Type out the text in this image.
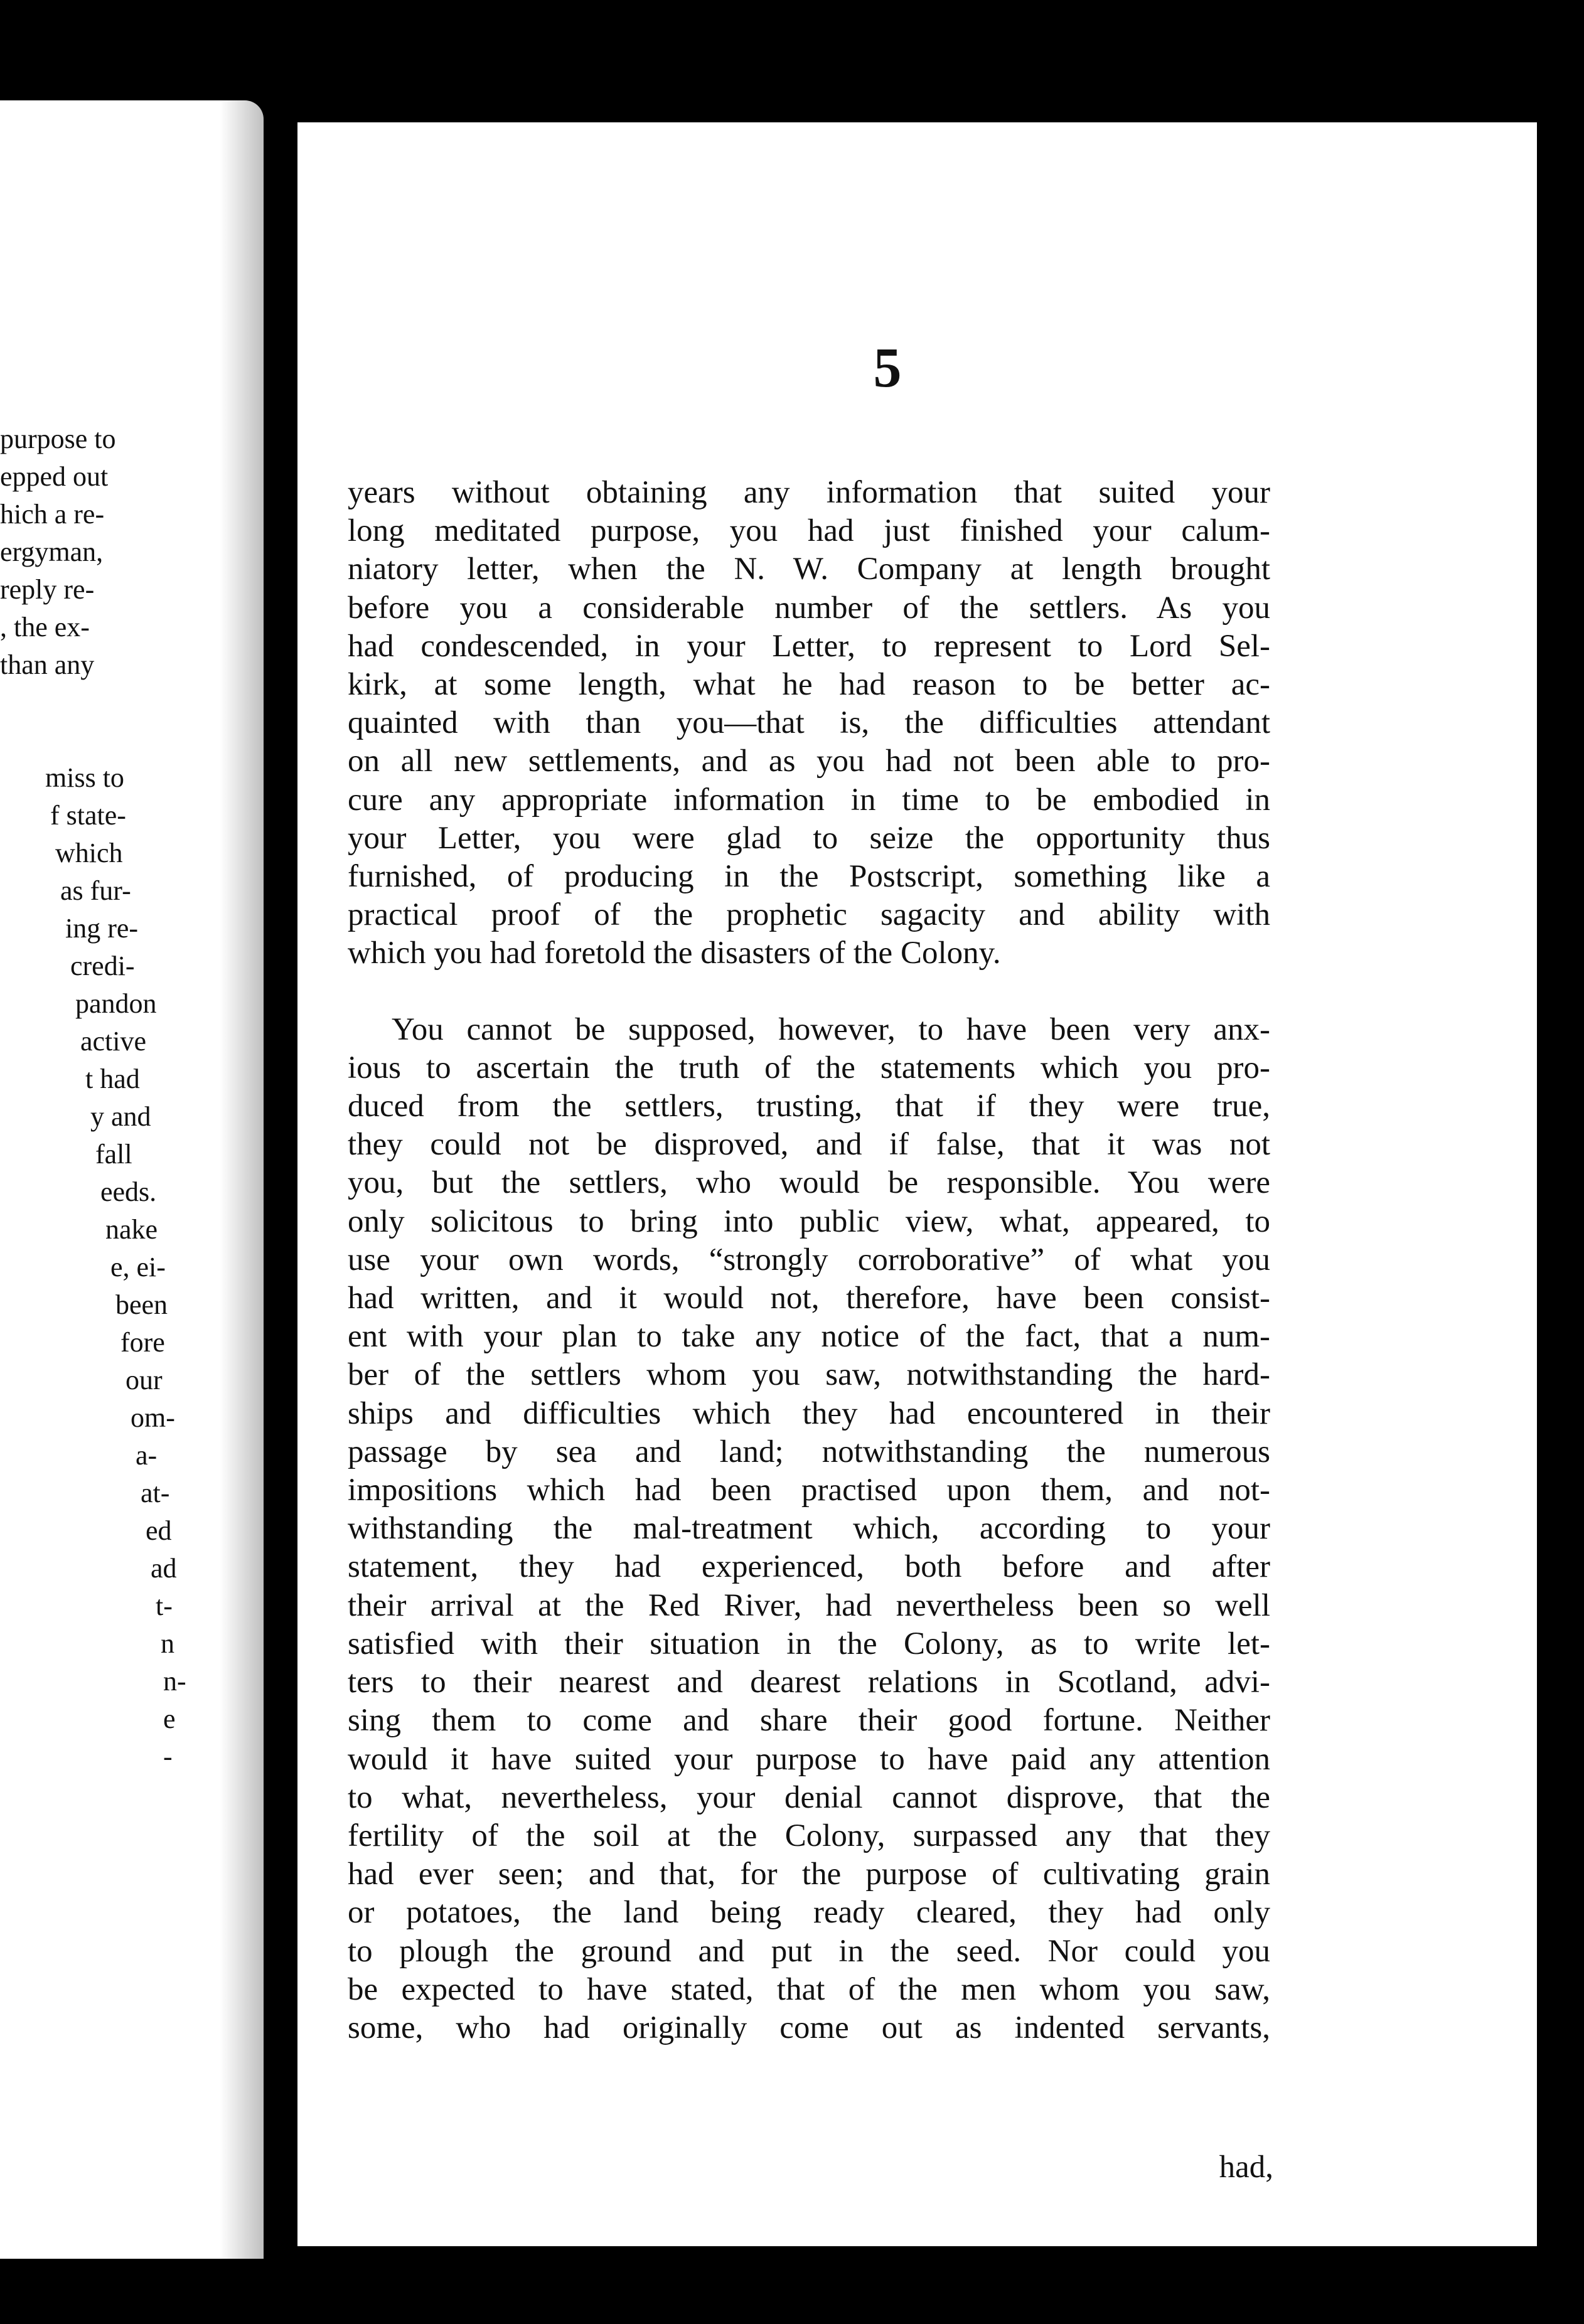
purpose to
epped out
hich a re-
ergyman,
reply re-
, the ex-
than any

miss to
f state-
which
as fur-
ing re-
credi-
pandon
active
t had
y and
fall
eeds.
nake
e, ei-
been
fore
our
om-
a-
at-
ed
ad
t-
n
n-
e
-
5
years without obtaining any information that suited your
long meditated purpose, you had just finished your calum-
niatory letter, when the N. W. Company at length brought
before you a considerable number of the settlers. As you
had condescended, in your Letter, to represent to Lord Sel-
kirk, at some length, what he had reason to be better ac-
quainted with than you—that is, the difficulties attendant
on all new settlements, and as you had not been able to pro-
cure any appropriate information in time to be embodied in
your Letter, you were glad to seize the opportunity thus
furnished, of producing in the Postscript, something like a
practical proof of the prophetic sagacity and ability with
which you had foretold the disasters of the Colony.
You cannot be supposed, however, to have been very anx-
ious to ascertain the truth of the statements which you pro-
duced from the settlers, trusting, that if they were true,
they could not be disproved, and if false, that it was not
you, but the settlers, who would be responsible. You were
only solicitous to bring into public view, what, appeared, to
use your own words, “strongly corroborative” of what you
had written, and it would not, therefore, have been consist-
ent with your plan to take any notice of the fact, that a num-
ber of the settlers whom you saw, notwithstanding the hard-
ships and difficulties which they had encountered in their
passage by sea and land; notwithstanding the numerous
impositions which had been practised upon them, and not-
withstanding the mal-treatment which, according to your
statement, they had experienced, both before and after
their arrival at the Red River, had nevertheless been so well
satisfied with their situation in the Colony, as to write let-
ters to their nearest and dearest relations in Scotland, advi-
sing them to come and share their good fortune. Neither
would it have suited your purpose to have paid any attention
to what, nevertheless, your denial cannot disprove, that the
fertility of the soil at the Colony, surpassed any that they
had ever seen; and that, for the purpose of cultivating grain
or potatoes, the land being ready cleared, they had only
to plough the ground and put in the seed. Nor could you
be expected to have stated, that of the men whom you saw,
some, who had originally come out as indented servants,
had,
